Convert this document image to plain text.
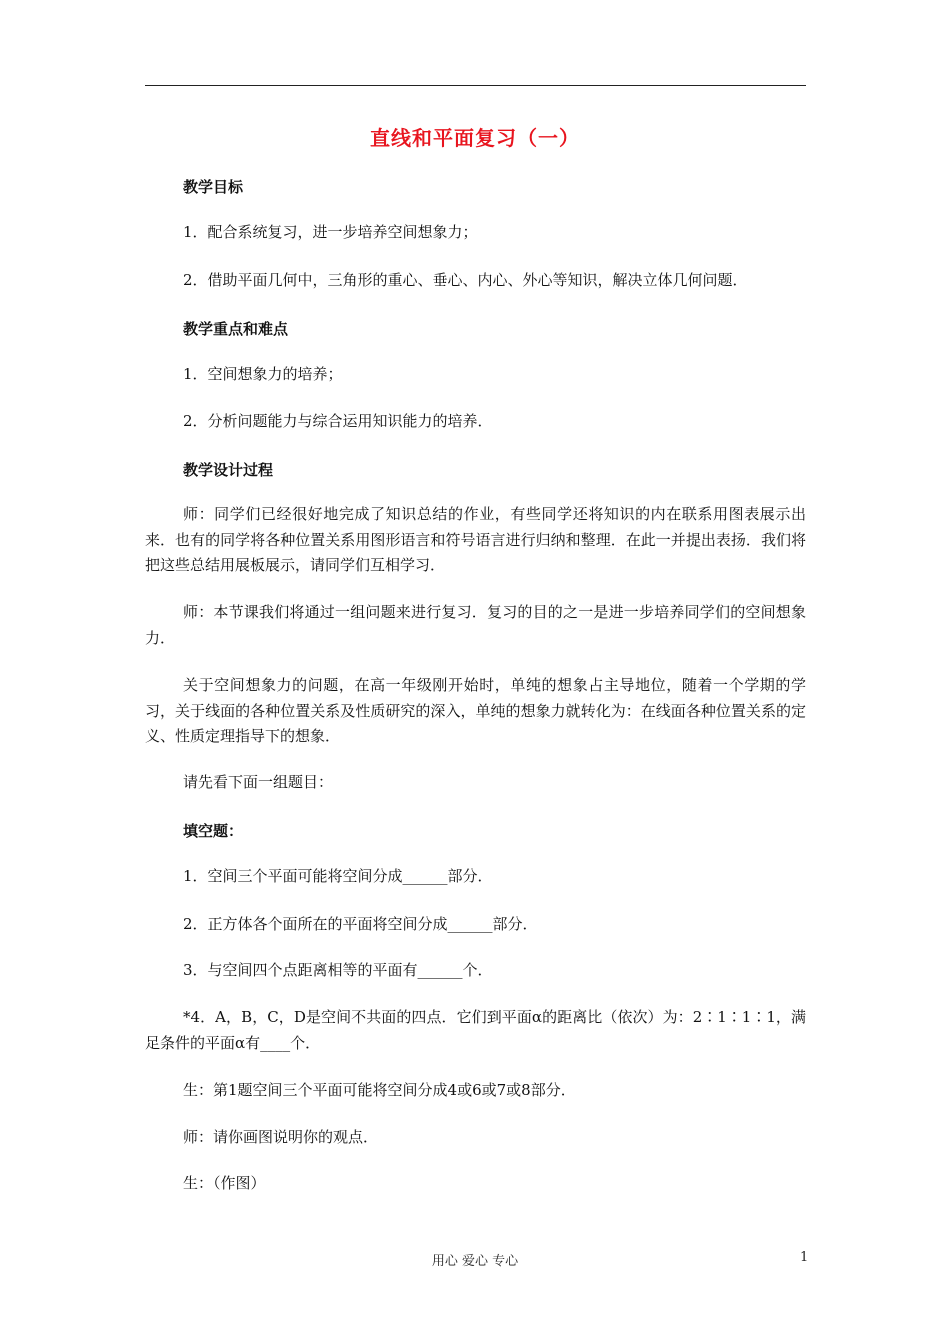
直线和平面复习（一）
教学目标
1．配合系统复习，进一步培养空间想象力；
2．借助平面几何中，三角形的重心、垂心、内心、外心等知识，解决立体几何问题．
教学重点和难点
1．空间想象力的培养；
2．分析问题能力与综合运用知识能力的培养．
教学设计过程
师：同学们已经很好地完成了知识总结的作业，有些同学还将知识的内在联系用图表展示出来．也有的同学将各种位置关系用图形语言和符号语言进行归纳和整理．在此一并提出表扬．我们将把这些总结用展板展示，请同学们互相学习．
师：本节课我们将通过一组问题来进行复习．复习的目的之一是进一步培养同学们的空间想象力．
关于空间想象力的问题，在高一年级刚开始时，单纯的想象占主导地位，随着一个学期的学习，关于线面的各种位置关系及性质研究的深入，单纯的想象力就转化为：在线面各种位置关系的定义、性质定理指导下的想象．
请先看下面一组题目：
填空题：
1．空间三个平面可能将空间分成______部分．
2．正方体各个面所在的平面将空间分成______部分．
3．与空间四个点距离相等的平面有______个．
*4．A，B，C，D是空间不共面的四点．它们到平面α的距离比（依次）为：2∶1∶1∶1，满足条件的平面α有____个．
生：第1题空间三个平面可能将空间分成4或6或7或8部分．
师：请你画图说明你的观点．
生：（作图）
用心 爱心 专心	1
